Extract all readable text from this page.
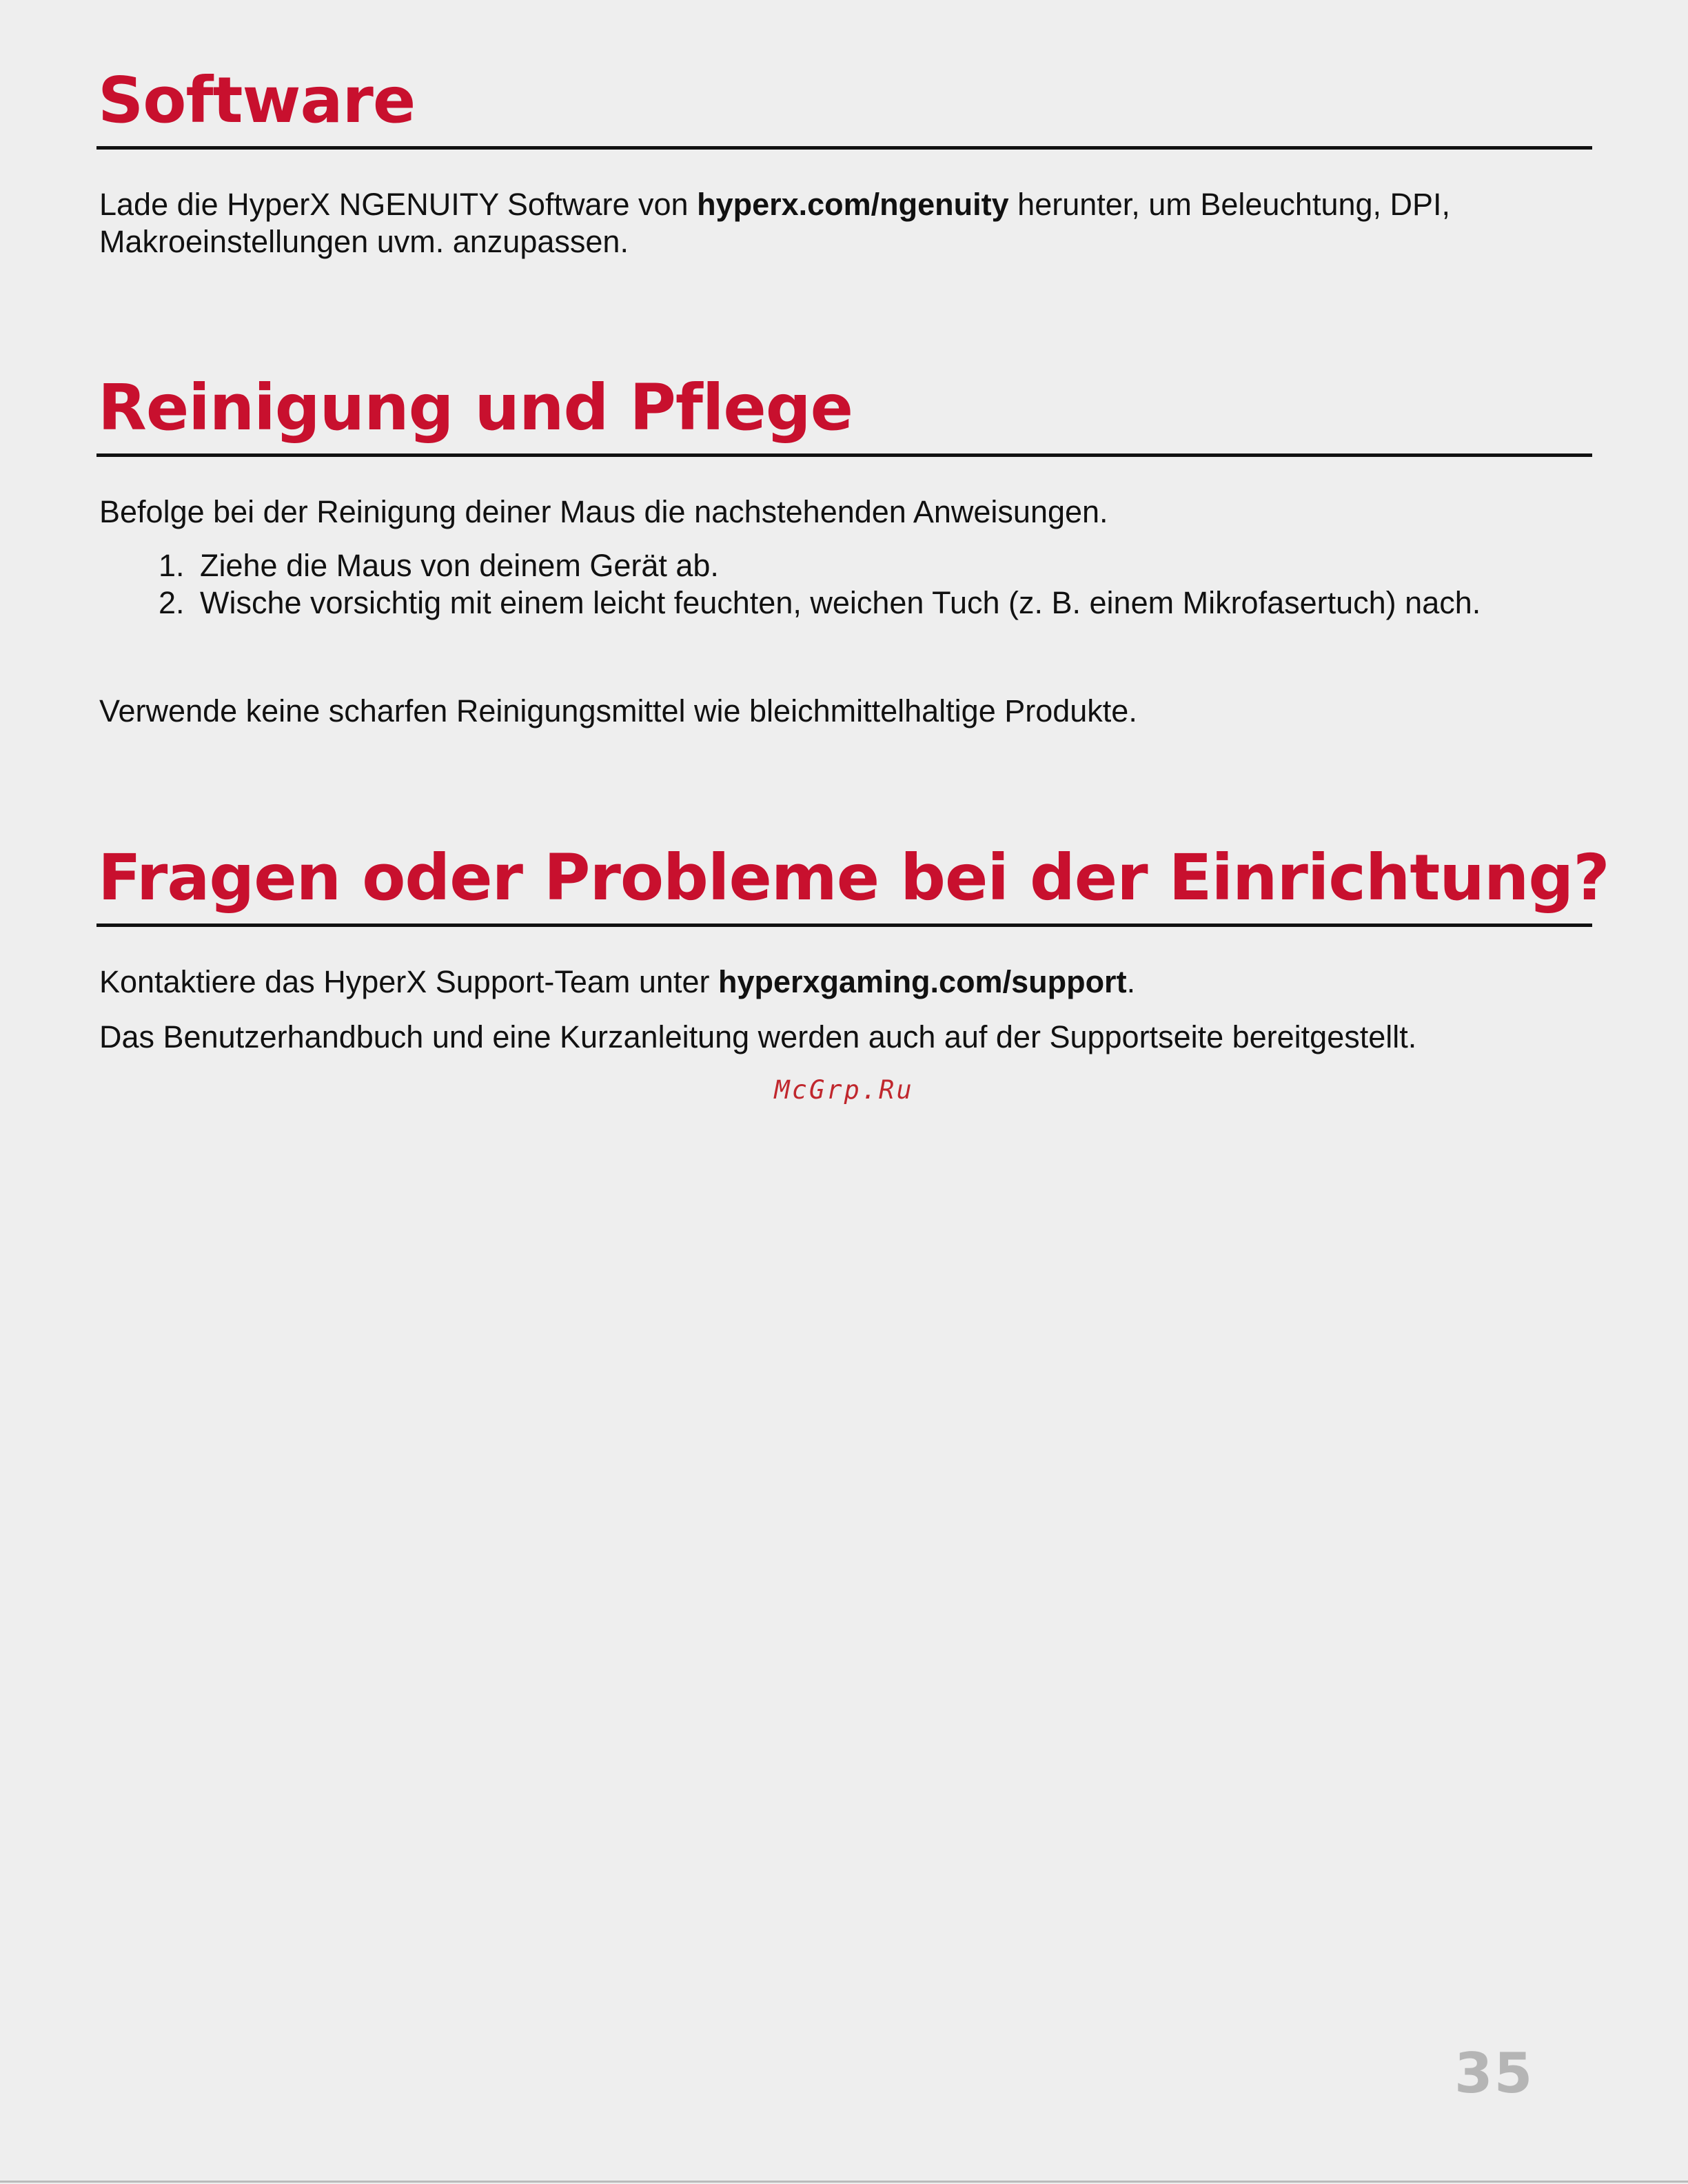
Software

Lade die HyperX NGENUITY Software von hyperx.com/ngenuity herunter, um Beleuchtung, DPI,
Makroeinstellungen uvm. anzupassen.

Reinigung und Pflege

Befolge bei der Reinigung deiner Maus die nachstehenden Anweisungen.

1. Ziehe die Maus von deinem Gerät ab.

2. Wische vorsichtig mit einem leicht feuchten, weichen Tuch (z. B. einem Mikrofasertuch) nach.

Verwende keine scharfen Reinigungsmittel wie bleichmittelhaltige Produkte.

Fragen oder Probleme bei der Einrichtung?

Kontaktiere das HyperX Support-Team unter hyperxgaming.com/support.

Das Benutzerhandbuch und eine Kurzanleitung werden auch auf der Supportseite bereitgestellt.

McGrp.Ru
35
